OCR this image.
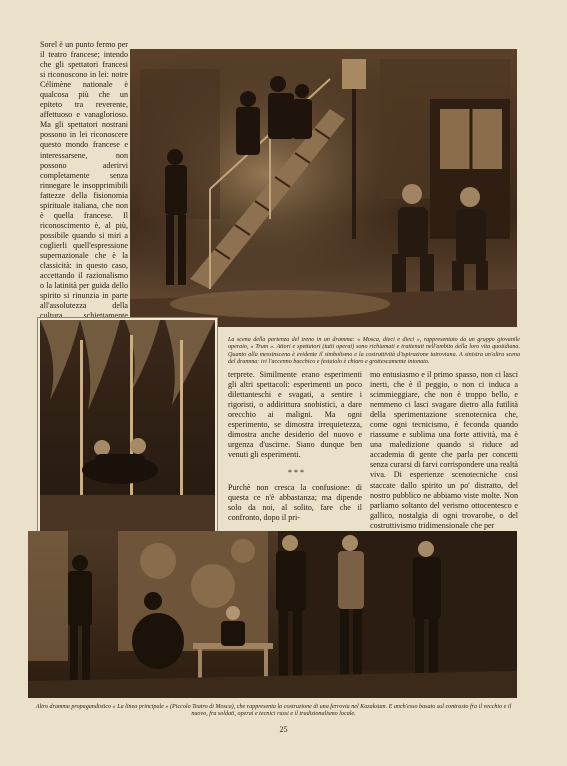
Sorel è un punto fermo per il teatro francese; intendo che gli spettatori francesi si riconoscono in lei: notre Célimène nationale è qualcosa più che un epiteto tra reverente, affettuoso e vanaglorioso. Ma gli spettatori nostrani possono in lei riconoscere questo mondo francese e interessarsene, non possono aderirvi completamente senza rinnegare le insopprimibili fattezze della fisionomia spirituale italiana, che non è quella francese. Il riconoscimento è, al più, possibile quando si miri a coglierli quell'espressione supernazionale che è la classicità: in questo caso, accettando il razionalismo o la latinità per guida dello spirito si rinunzia in parte all'assolutezza della cultura schiettamente

La scena della partenza del treno in un dramma: « Mosca, dieci e dieci », rappresentato da un gruppo giovanile operaio, « Trum ». Attori e spettatori (tutti operai) sono richiamati e trattenuti nell'ambito della loro vita quotidiana. Quanto alla messinscena è evidente il simbolismo e la costruttività d'ispirazione tairoviana. A sinistra un'altra scena del dramma: ivi l'accenno bacchico e festaiolo è chiaro e grottescamente intonato.

terprete. Similmente erano esperimenti gli altri spettacoli: esperimenti un poco dilettanteschi e svagati, a sentire i rigoristi, o addirittura snobistici, a dare orecchio ai maligni. Ma ogni esperimento, se dimostra irrequietezza, dimostra anche desiderio del nuovo e urgenza d'uscirne. Siano dunque ben venuti gli esperimenti.

***

Purchè non cresca la confusione: di questa ce n'è abbastanza; ma dipende solo da noi, al solito, fare che il confronto, dopo il pri-

mo entusiasmo e il primo spasso, non ci lasci inerti, che è il peggio, o non ci induca a scimmieggiare, che non è troppo bello, e nemmeno ci lasci svagare dietro alla futilità della sperimentazione scenotecnica che, come ogni tecnicismo, è feconda quando riassume e sublima una forte attività, ma è una maledizione quando si riduce ad accademia di gente che parla per concetti senza curarsi di farvi corrispondere una realtà viva. Di esperienze scenotecniche così staccate dallo spirito un po' distratto, del nostro pubblico ne abbiamo viste molte. Non parliamo soltanto del verismo ottocentesco e gallico, nostalgia di ogni trovarobe, o del costruttivismo tridimensionale che per

Altro dramma propagandistico « La linea principale » (Piccolo Teatro di Mosca), che rappresenta la costruzione di una ferrovia nel Kazakstan. E anch'esso basato sul contrasto fra il vecchio e il nuovo, fra soldati, operai e tecnici russi e il tradizionalismo locale.

25
